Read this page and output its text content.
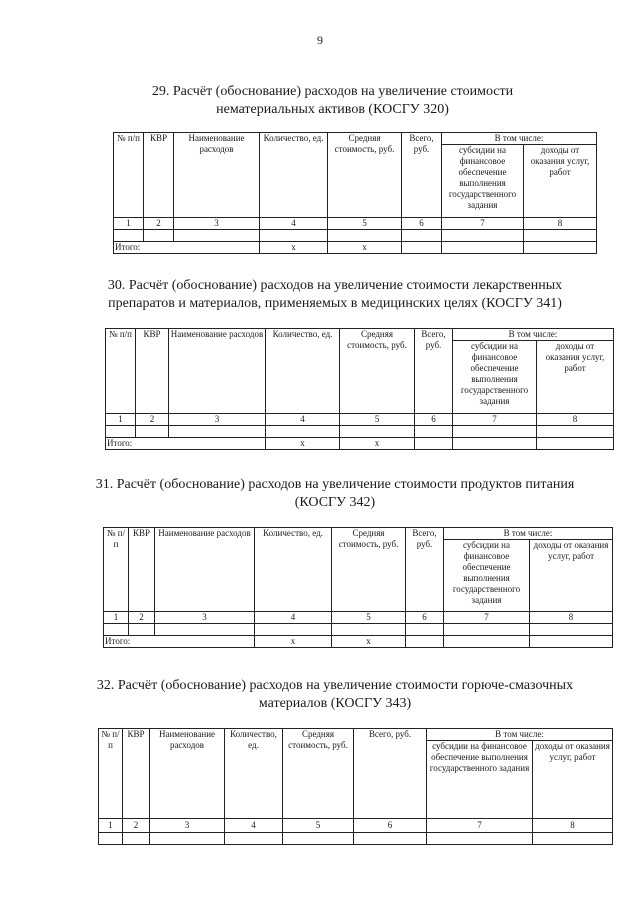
9
29. Расчёт (обоснование) расходов на увеличение стоимости
нематериальных активов (КОСГУ 320)
№ п/п	КВР	Наименование расходов	Количество, ед.	Средняя стоимость, руб.	Всего, руб.	В том числе:	
						субсидии на финансовое обеспечение выполнения государственного задания	доходы от оказания услуг, работ
1	2	3	4	5	6	7	8

Итого:			x	x			
30. Расчёт (обоснование) расходов на увеличение стоимости лекарственных
препаратов и материалов, применяемых в медицинских целях (КОСГУ 341)
№ п/п	КВР	Наименование расходов	Количество, ед.	Средняя стоимость, руб.	Всего, руб.	В том числе:	
						субсидии на финансовое обеспечение выполнения государственного задания	доходы от оказания услуг, работ
1	2	3	4	5	6	7	8

Итого:			x	x			
31. Расчёт (обоснование) расходов на увеличение стоимости продуктов питания
(КОСГУ 342)
№ п/п	КВР	Наименование расходов	Количество, ед.	Средняя стоимость, руб.	Всего, руб.	В том числе:	
						субсидии на финансовое обеспечение выполнения государственного задания	доходы от оказания услуг, работ
1	2	3	4	5	6	7	8

Итого:			x	x			
32. Расчёт (обоснование) расходов на увеличение стоимости горюче-смазочных
материалов (КОСГУ 343)
№ п/п	КВР	Наименование расходов	Количество, ед.	Средняя стоимость, руб.	Всего, руб.	В том числе:	
						субсидии на финансовое обеспечение выполнения государственного задания	доходы от оказания услуг, работ
1	2	3	4	5	6	7	8
